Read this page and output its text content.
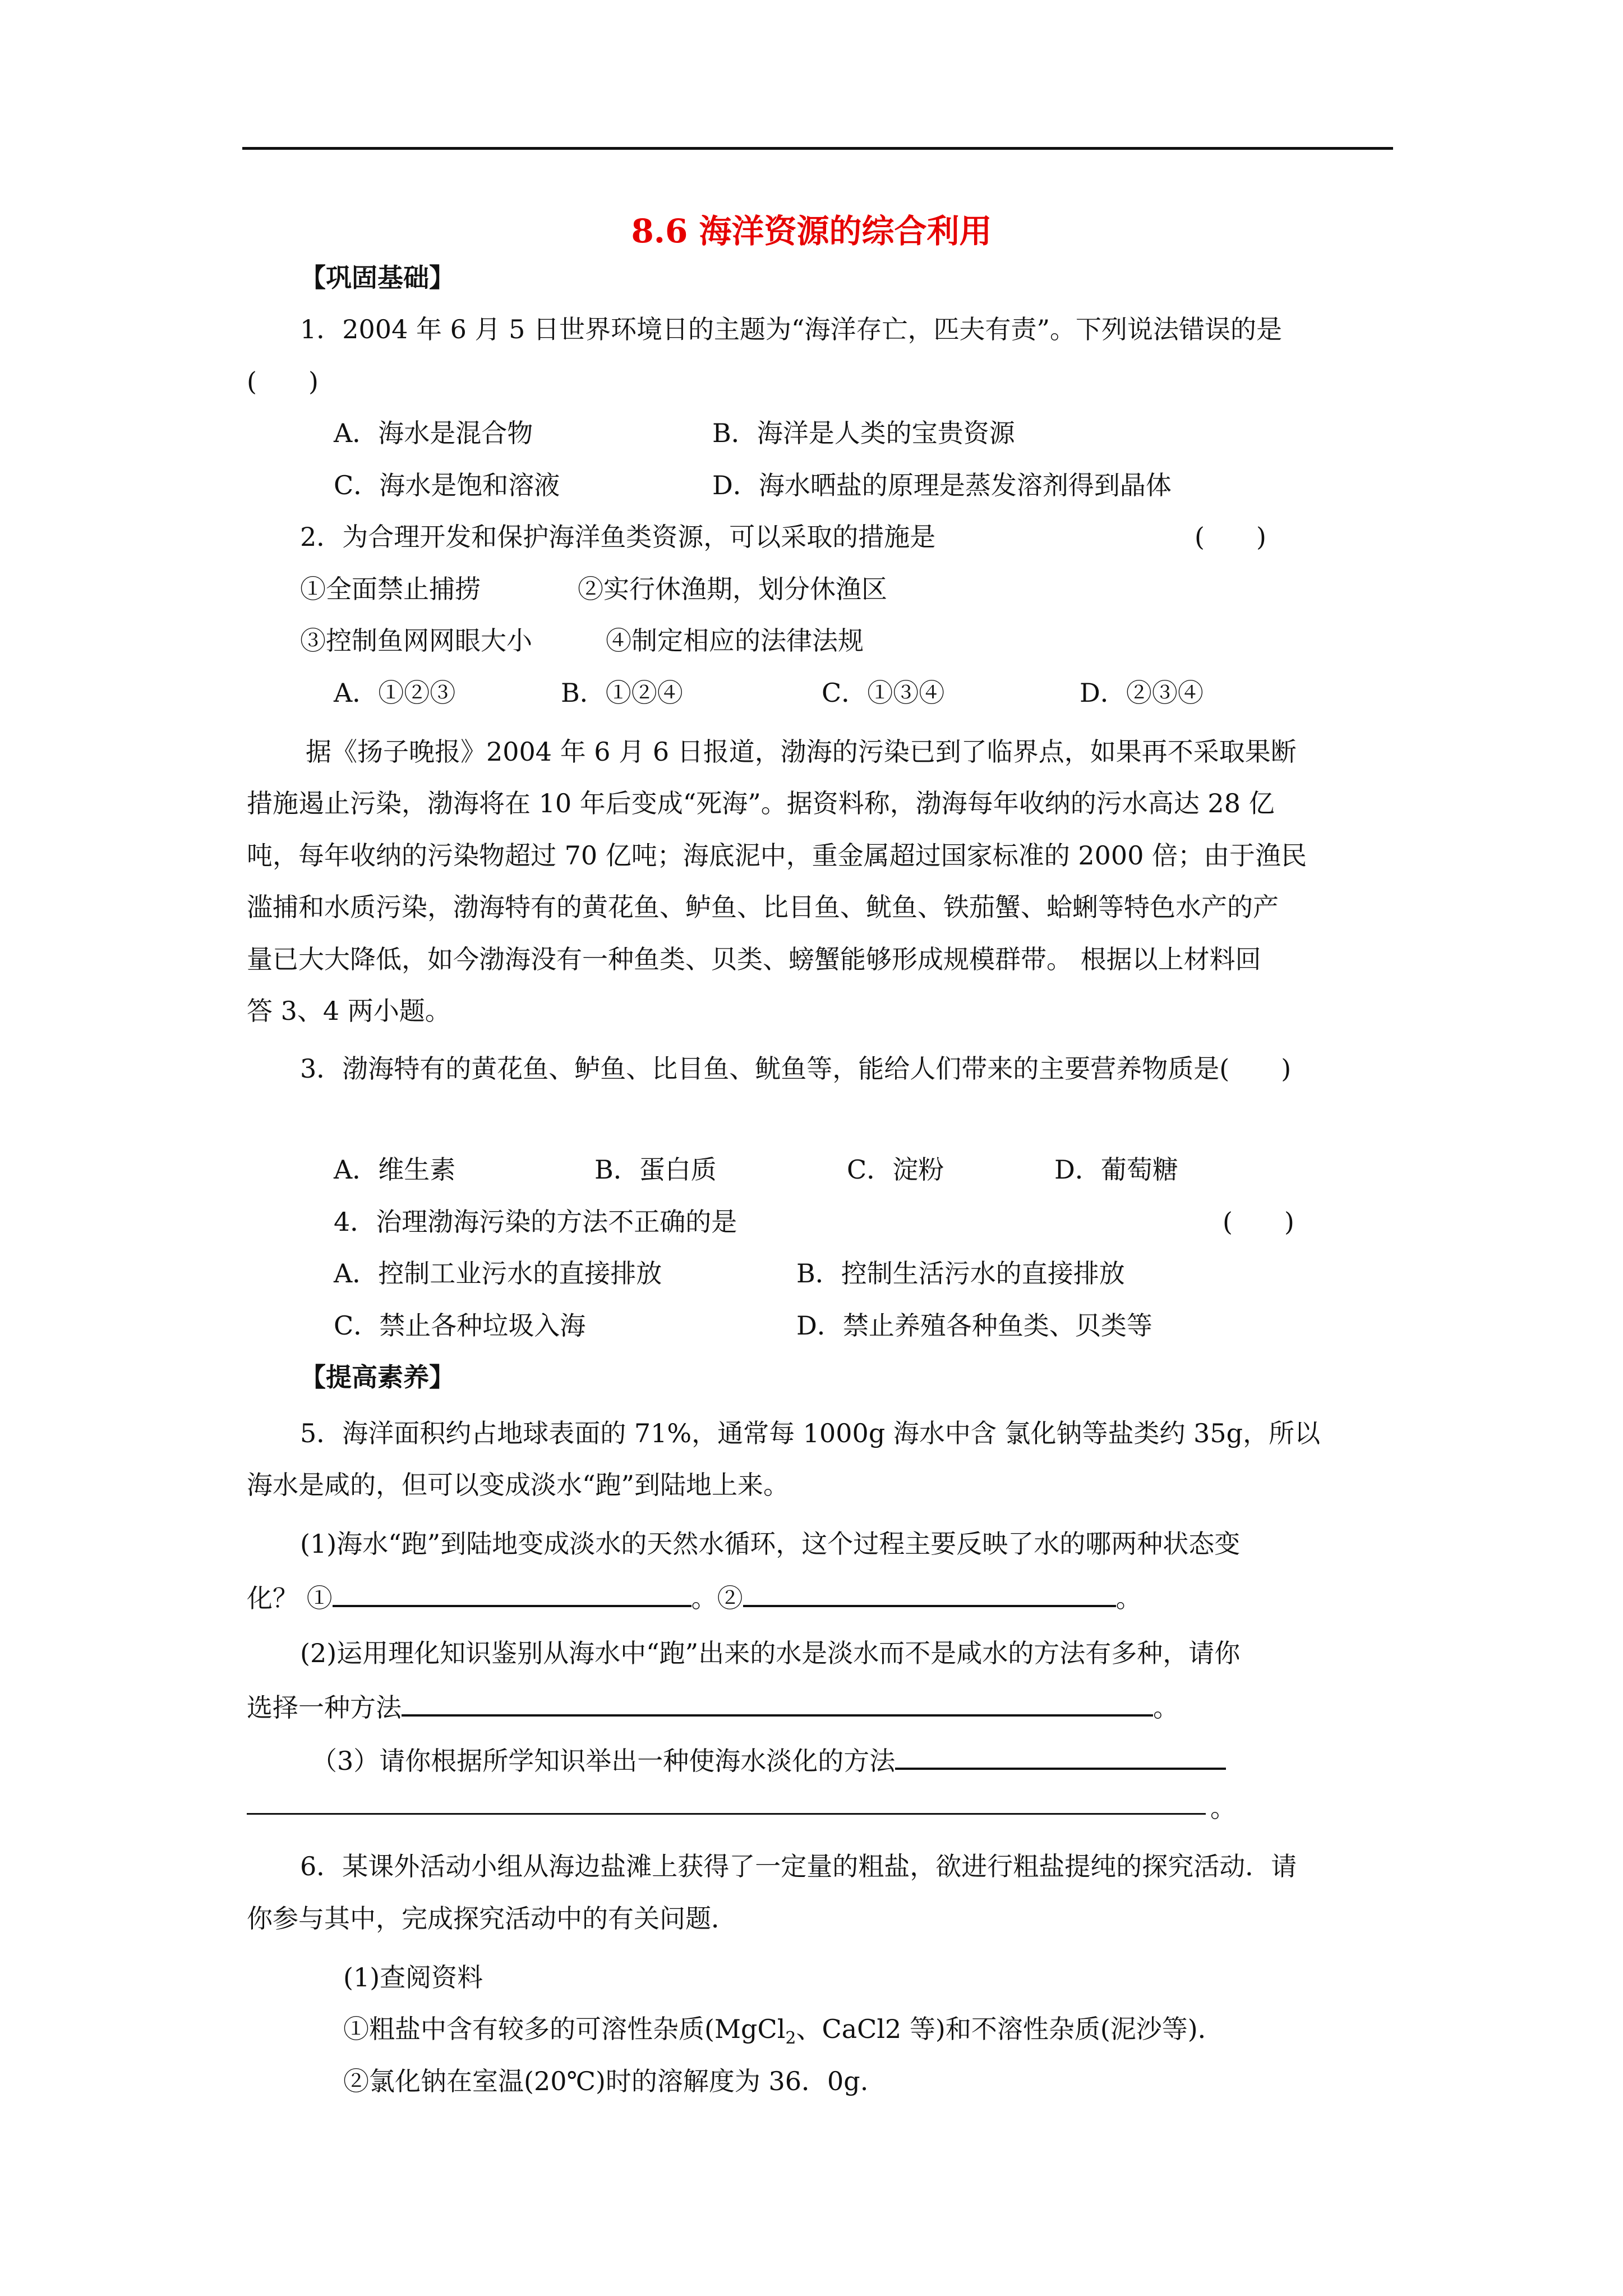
8.6 海洋资源的综合利用
【巩固基础】
1．2004 年 6 月 5 日世界环境日的主题为“海洋存亡，匹夫有责”。下列说法错误的是
(　　)
A．海水是混合物	B．海洋是人类的宝贵资源
C．海水是饱和溶液	D．海水晒盐的原理是蒸发溶剂得到晶体
2．为合理开发和保护海洋鱼类资源，可以采取的措施是	(　　)
①全面禁止捕捞	②实行休渔期，划分休渔区
③控制鱼网网眼大小	④制定相应的法律法规
A．①②③	B．①②④	C．①③④	D．②③④
据《扬子晚报》2004 年 6 月 6 日报道，渤海的污染已到了临界点，如果再不采取果断
措施遏止污染，渤海将在 10 年后变成“死海”。据资料称，渤海每年收纳的污水高达 28 亿
吨，每年收纳的污染物超过 70 亿吨；海底泥中，重金属超过国家标准的 2000 倍；由于渔民
滥捕和水质污染，渤海特有的黄花鱼、鲈鱼、比目鱼、鱿鱼、铁茄蟹、蛤蜊等特色水产的产
量已大大降低，如今渤海没有一种鱼类、贝类、螃蟹能够形成规模群带。 根据以上材料回
答 3、4 两小题。
3．渤海特有的黄花鱼、鲈鱼、比目鱼、鱿鱼等，能给人们带来的主要营养物质是(　　)
A．维生素	B．蛋白质	C．淀粉	D．葡萄糖
4．治理渤海污染的方法不正确的是	(　　)
A．控制工业污水的直接排放	B．控制生活污水的直接排放
C．禁止各种垃圾入海	D．禁止养殖各种鱼类、贝类等
【提高素养】
5．海洋面积约占地球表面的 71%，通常每 1000g 海水中含 氯化钠等盐类约 35g，所以
海水是咸的，但可以变成淡水“跑”到陆地上来。
(1)海水“跑”到陆地变成淡水的天然水循环，这个过程主要反映了水的哪两种状态变
化？ ①	。②	。
(2)运用理化知识鉴别从海水中“跑”出来的水是淡水而不是咸水的方法有多种，请你
选择一种方法	。
（3）请你根据所学知识举出一种使海水淡化的方法
。
6．某课外活动小组从海边盐滩上获得了一定量的粗盐，欲进行粗盐提纯的探究活动．请
你参与其中，完成探究活动中的有关问题．
(1)查阅资料
①粗盐中含有较多的可溶性杂质(MgCl$_2$、CaCl2 等)和不溶性杂质(泥沙等)．
②氯化钠在室温(20℃)时的溶解度为 36．0g.
